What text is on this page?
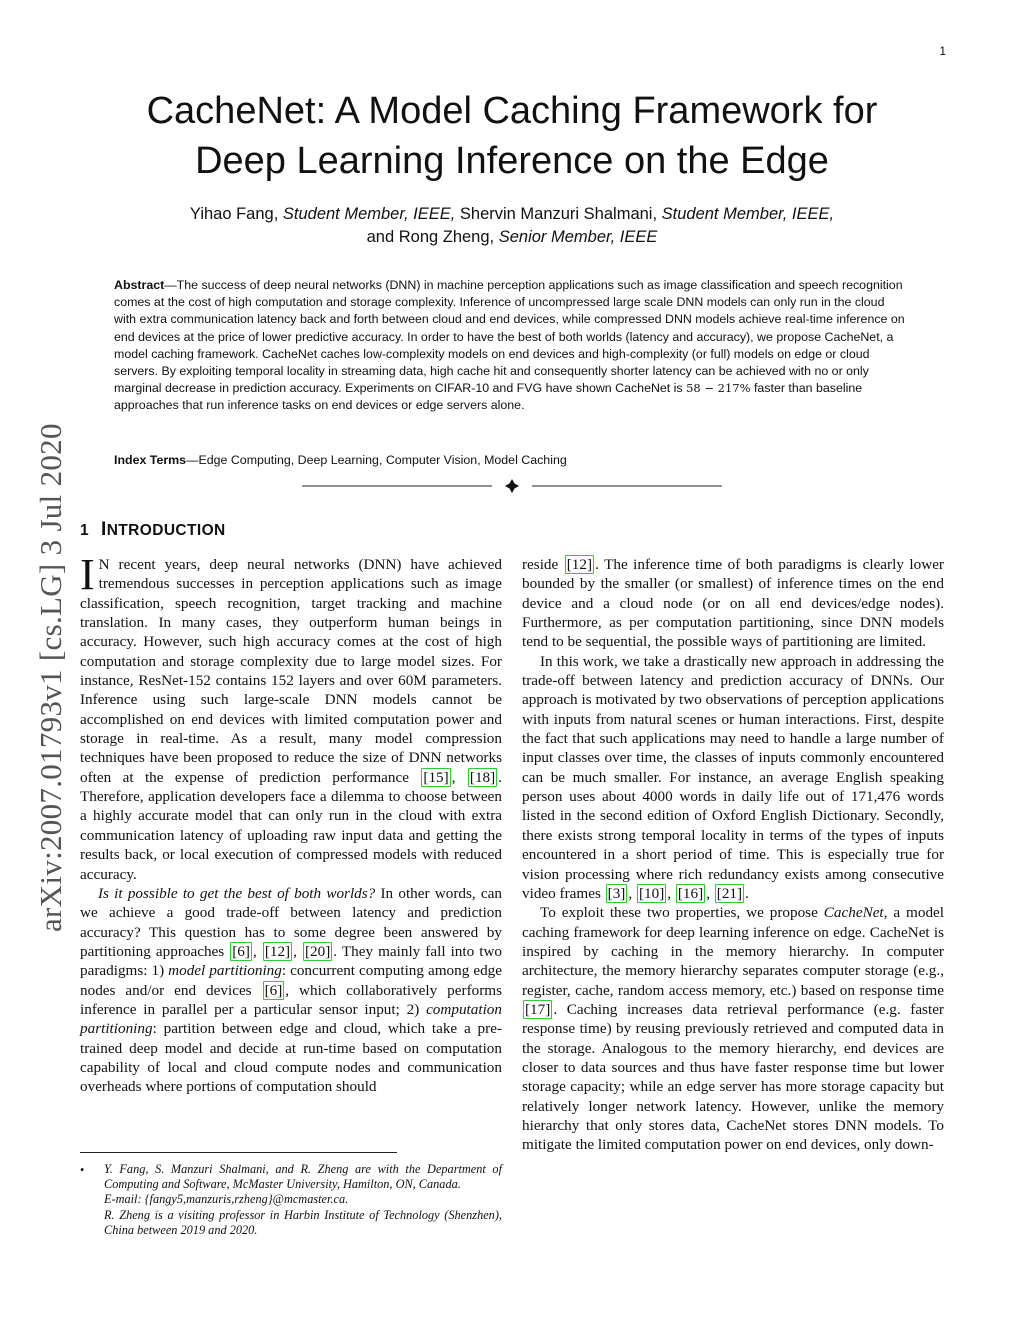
1
CacheNet: A Model Caching Framework for
Deep Learning Inference on the Edge
Yihao Fang, Student Member, IEEE, Shervin Manzuri Shalmani, Student Member, IEEE,
and Rong Zheng, Senior Member, IEEE
Abstract—The success of deep neural networks (DNN) in machine perception applications such as image classification and speech recognition comes at the cost of high computation and storage complexity. Inference of uncompressed large scale DNN models can only run in the cloud with extra communication latency back and forth between cloud and end devices, while compressed DNN models achieve real-time inference on end devices at the price of lower predictive accuracy. In order to have the best of both worlds (latency and accuracy), we propose CacheNet, a model caching framework. CacheNet caches low-complexity models on end devices and high-complexity (or full) models on edge or cloud servers. By exploiting temporal locality in streaming data, high cache hit and consequently shorter latency can be achieved with no or only marginal decrease in prediction accuracy. Experiments on CIFAR-10 and FVG have shown CacheNet is 58 − 217% faster than baseline approaches that run inference tasks on end devices or edge servers alone.
Index Terms—Edge Computing, Deep Learning, Computer Vision, Model Caching
arXiv:2007.01793v1 [cs.LG] 3 Jul 2020 1 INTRODUCTION

I N recent years, deep neural networks (DNN) have achieved tremendous successes in perception applications such as image classification, speech recognition, target tracking and machine translation. In many cases, they outperform human beings in accuracy. However, such high accuracy comes at the cost of high computation and storage complexity due to large model sizes. For instance, ResNet-152 contains 152 layers and over 60M parameters. Inference using such large-scale DNN models cannot be accomplished on end devices with limited computation power and storage in real-time. As a result, many model compression techniques have been proposed to reduce the size of DNN networks often at the expense of prediction performance [15] , [18] . Therefore, application developers face a dilemma to choose between a highly accurate model that can only run in the cloud with extra communication latency of uploading raw input data and getting the results back, or local execution of compressed models with reduced accuracy.

Is it possible to get the best of both worlds? In other words, can we achieve a good trade-off between latency and prediction accuracy? This question has to some degree been answered by partitioning approaches [6] , [12] , [20] . They mainly fall into two paradigms: 1) model partitioning: concurrent computing among edge nodes and/or end devices [6] , which collaboratively performs inference in parallel per a particular sensor input; 2) computation partitioning: partition between edge and cloud, which take a pre-trained deep model and decide at run-time based on computation capability of local and cloud compute nodes and communication overheads where portions of computation should

reside [12] . The inference time of both paradigms is clearly lower bounded by the smaller (or smallest) of inference times on the end device and a cloud node (or on all end devices/edge nodes). Furthermore, as per computation partitioning, since DNN models tend to be sequential, the possible ways of partitioning are limited.

In this work, we take a drastically new approach in addressing the trade-off between latency and prediction accuracy of DNNs. Our approach is motivated by two observations of perception applications with inputs from natural scenes or human interactions. First, despite the fact that such applications may need to handle a large number of input classes over time, the classes of inputs commonly encountered can be much smaller. For instance, an average English speaking person uses about 4000 words in daily life out of 171,476 words listed in the second edition of Oxford English Dictionary. Secondly, there exists strong temporal locality in terms of the types of inputs encountered in a short period of time. This is especially true for vision processing where rich redundancy exists among consecutive video frames [3] , [10] , [16] , [21] .

To exploit these two properties, we propose CacheNet, a model caching framework for deep learning inference on edge. CacheNet is inspired by caching in the memory hierarchy. In computer architecture, the memory hierarchy separates computer storage (e.g., register, cache, random access memory, etc.) based on response time [17] . Caching increases data retrieval performance (e.g. faster response time) by reusing previously retrieved and computed data in the storage. Analogous to the memory hierarchy, end devices are closer to data sources and thus have faster response time but lower storage capacity; while an edge server has more storage capacity but relatively longer network latency. However, unlike the memory hierarchy that only stores data, CacheNet stores DNN models. To mitigate the limited computation power on end devices, only down-

• Y. Fang, S. Manzuri Shalmani, and R. Zheng are with the Department of Computing and Software, McMaster University, Hamilton, ON, Canada.
E-mail: {fangy5,manzuris,rzheng}@mcmaster.ca.
R. Zheng is a visiting professor in Harbin Institute of Technology (Shenzhen), China between 2019 and 2020.
